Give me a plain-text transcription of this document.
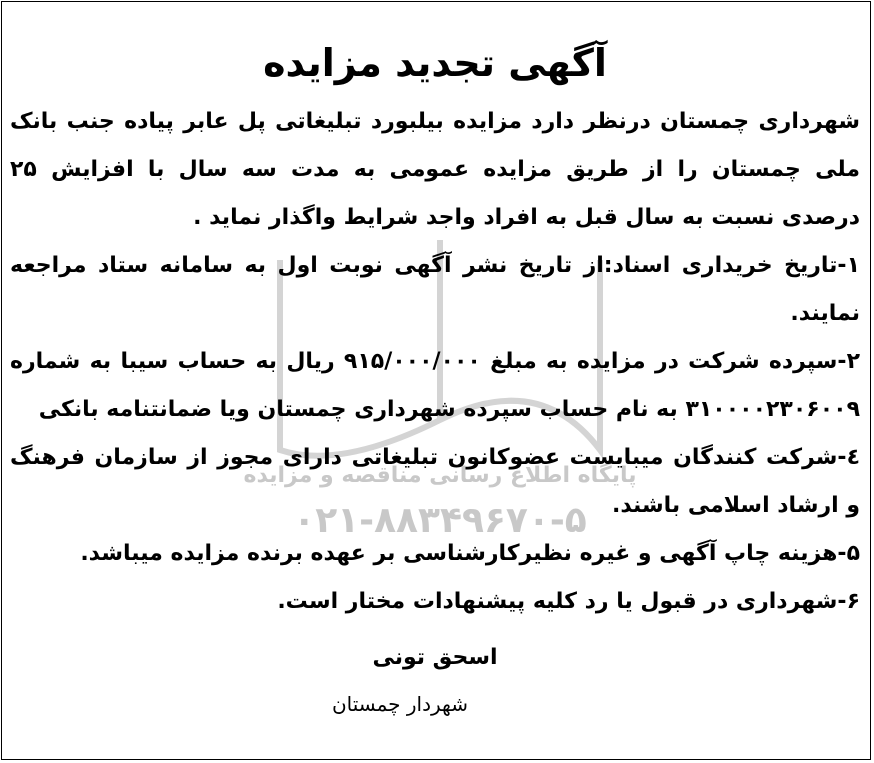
پایگاه اطلاع رسانی مناقصه و مزایده
۰۲۱-۸۸۳۴۹۶۷۰-۵
آگهی تجدید مزایده

شهرداری چمستان درنظر دارد مزایده بیلبورد تبلیغاتی پل عابر پیاده جنب بانک ملی چمستان را از طریق مزایده عمومی به مدت سه سال با افزایش ۲۵ درصدی نسبت به سال قبل به افراد واجد شرایط واگذار نماید .

۱-تاریخ خریداری اسناد:از تاریخ نشر آگهی نوبت اول به سامانه ستاد مراجعه نمایند.

۲-سپرده شرکت در مزایده به مبلغ ۹۱۵/۰۰۰/۰۰۰ ریال به حساب سیبا به شماره ۳۱۰۰۰۰۲۳۰۶۰۰۹ به نام حساب سپرده شهرداری چمستان ویا ضمانتنامه بانکی

٤-شرکت کنندگان میبایست عضوکانون تبلیغاتی دارای مجوز از سازمان فرهنگ و ارشاد اسلامی باشند.

۵-هزینه چاپ آگهی و غیره نظیرکارشناسی بر عهده برنده مزایده میباشد.

۶-شهرداری در قبول یا رد کلیه پیشنهادات مختار است.

اسحق تونی

شهردار چمستان
